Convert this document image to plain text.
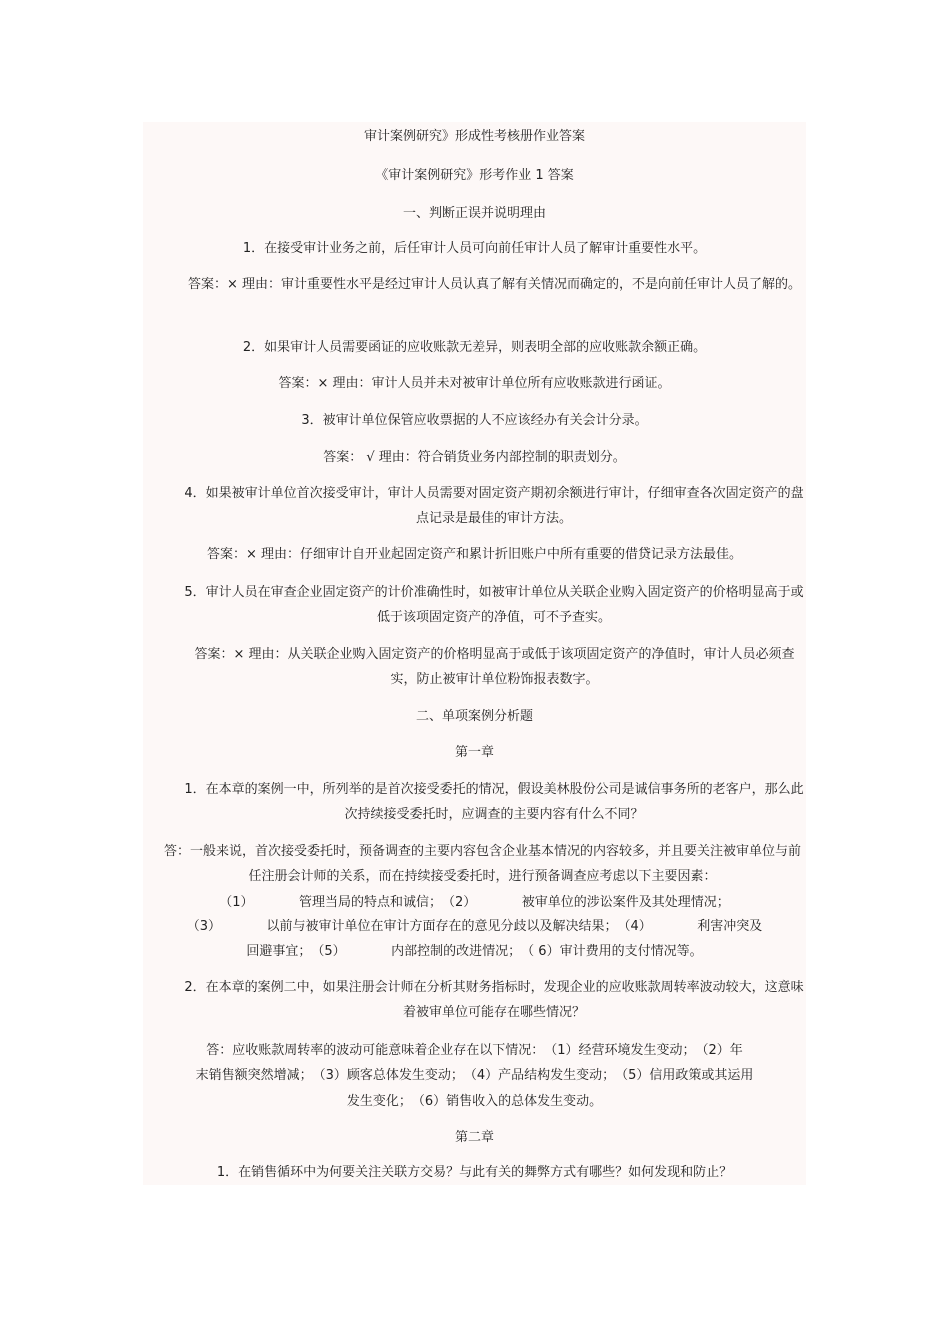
审计案例研究》形成性考核册作业答案
《审计案例研究》形考作业 1 答案
一、判断正误并说明理由
1．在接受审计业务之前，后任审计人员可向前任审计人员了解审计重要性水平。
答案：× 理由：审计重要性水平是经过审计人员认真了解有关情况而确定的，不是向前任审计人员了解的。
2．如果审计人员需要函证的应收账款无差异，则表明全部的应收账款余额正确。
答案：× 理由：审计人员并未对被审计单位所有应收账款进行函证。
3．被审计单位保管应收票据的人不应该经办有关会计分录。
答案： √ 理由：符合销货业务内部控制的职责划分。
4．如果被审计单位首次接受审计，审计人员需要对固定资产期初余额进行审计，仔细审查各次固定资产的盘点记录是最佳的审计方法。
答案：× 理由：仔细审计自开业起固定资产和累计折旧账户中所有重要的借贷记录方法最佳。
5．审计人员在审查企业固定资产的计价准确性时，如被审计单位从关联企业购入固定资产的价格明显高于或低于该项固定资产的净值，可不予查实。
答案：× 理由：从关联企业购入固定资产的价格明显高于或低于该项固定资产的净值时，审计人员必须查实，防止被审计单位粉饰报表数字。
二、单项案例分析题
第一章
1．在本章的案例一中，所列举的是首次接受委托的情况，假设美林股份公司是诚信事务所的老客户，那么此次持续接受委托时，应调查的主要内容有什么不同？
答：一般来说，首次接受委托时，预备调查的主要内容包含企业基本情况的内容较多，并且要关注被审单位与前任注册会计师的关系，而在持续接受委托时，进行预备调查应考虑以下主要因素：
（1）　　　　管理当局的特点和诚信；　（2）　　　　被审单位的涉讼案件及其处理情况；
（3）　　　　以前与被审计单位在审计方面存在的意见分歧以及解决结果；　（4）　　　　利害冲突及
回避事宜；　（5）　　　　内部控制的改进情况；　（ 6）审计费用的支付情况等。
2．在本章的案例二中，如果注册会计师在分析其财务指标时，发现企业的应收账款周转率波动较大，这意味着被审单位可能存在哪些情况？
答：应收账款周转率的波动可能意味着企业存在以下情况：　（1）经营环境发生变动；　（2）年
末销售额突然增减；　（3）顾客总体发生变动；　（4）产品结构发生变动；　（5）信用政策或其运用
发生变化；　（6）销售收入的总体发生变动。
第二章
1．在销售循环中为何要关注关联方交易？与此有关的舞弊方式有哪些？如何发现和防止？
